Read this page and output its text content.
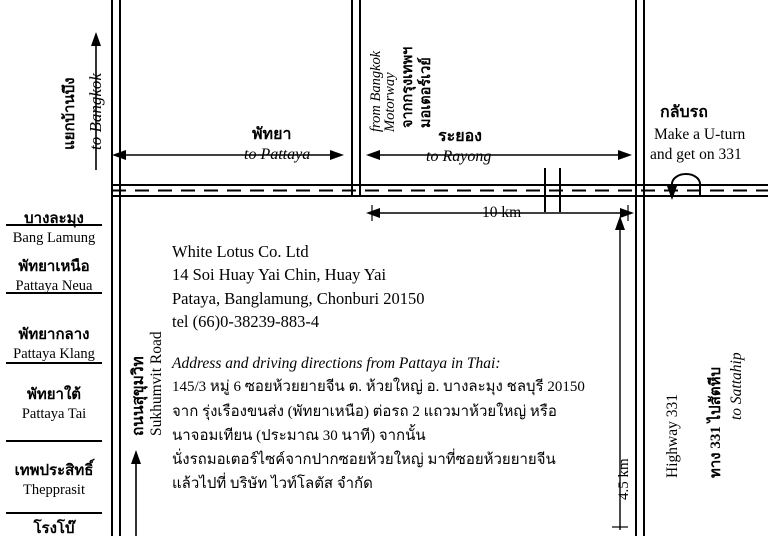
บางละมุง
Bang Lamung
พัทยาเหนือ
Pattaya Neua
พัทยากลาง
Pattaya Klang
พัทยาใต้
Pattaya Tai
เทพประสิทธิ์
Thepprasit
โรงโบ๊
to Bangkok
แยกบ้านบึง
Sukhumvit Road
ถนนสุขุมวิท
Motorway
from Bangkok มอเตอร์เวย์
จากกรุงเทพฯ
Highway 331 ทาง 331 ไปสัตหีบ to Sattahip
4.5 km
พัทยา
to Pattaya
ระยอง
to Rayong
กลับรถ
Make a U-turn
and get on 331
10 km
White Lotus Co. Ltd
14 Soi Huay Yai Chin, Huay Yai
Pataya, Banglamung, Chonburi 20150
tel (66)0-38239-883-4
Address and driving directions from Pattaya in Thai:
145/3 หมู่ 6 ซอยห้วยยายจีน ต. ห้วยใหญ่ อ. บางละมุง ชลบุรี 20150
จาก รุ่งเรืองขนส่ง (พัทยาเหนือ) ต่อรถ 2 แถวมาห้วยใหญ่ หรือ
นาจอมเทียน (ประมาณ 30 นาที) จากนั้น
นั่งรถมอเตอร์ไซค์จากปากซอยห้วยใหญ่ มาที่ซอยห้วยยายจีน
แล้วไปที่ บริษัท ไวท์โลตัส จำกัด
